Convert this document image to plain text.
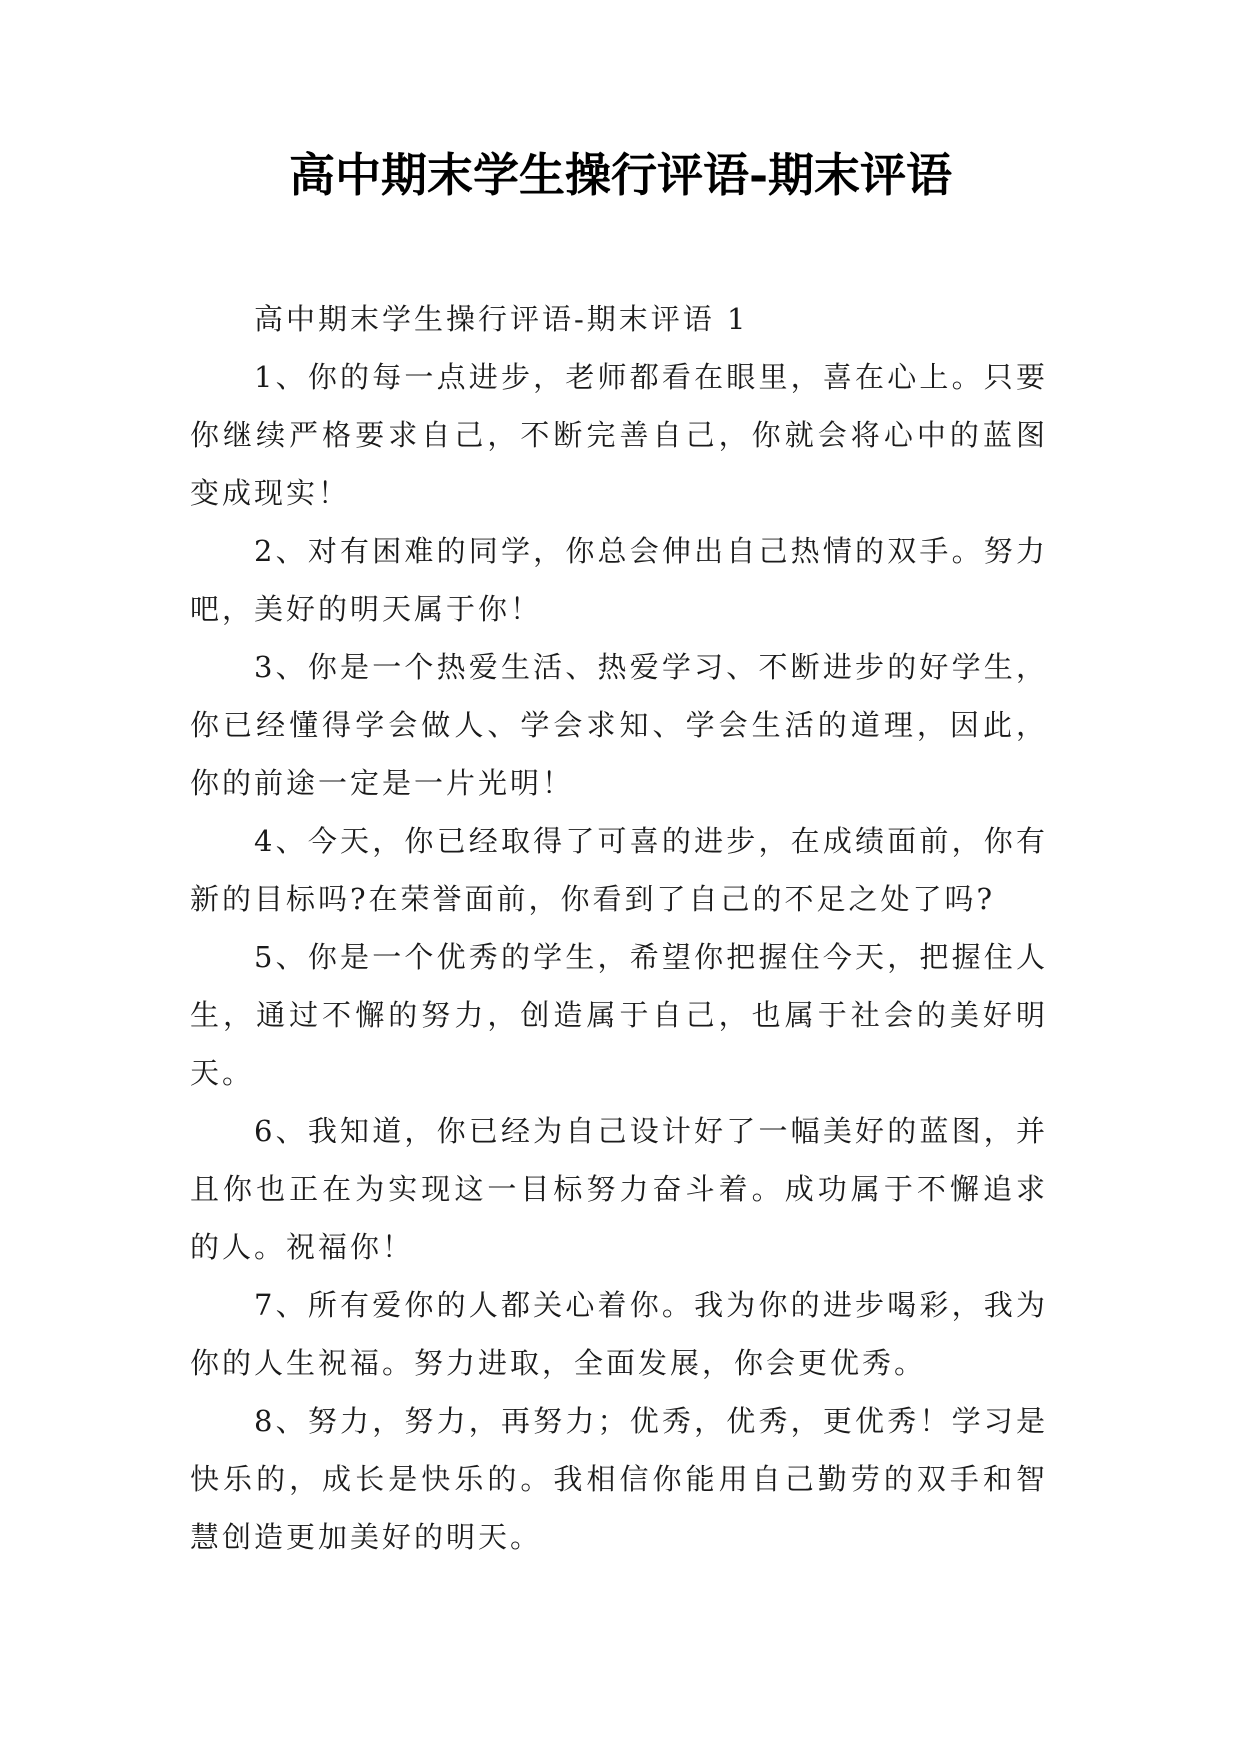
高中期末学生操行评语-期末评语

高中期末学生操行评语-期末评语 1

1、你的每一点进步，老师都看在眼里，喜在心上。只要你继续严格要求自己，不断完善自己，你就会将心中的蓝图变成现实！

2、对有困难的同学，你总会伸出自己热情的双手。努力吧，美好的明天属于你！

3、你是一个热爱生活、热爱学习、不断进步的好学生，你已经懂得学会做人、学会求知、学会生活的道理，因此，你的前途一定是一片光明！

4、今天，你已经取得了可喜的进步，在成绩面前，你有新的目标吗?在荣誉面前，你看到了自己的不足之处了吗?

5、你是一个优秀的学生，希望你把握住今天，把握住人生，通过不懈的努力，创造属于自己，也属于社会的美好明天。

6、我知道，你已经为自己设计好了一幅美好的蓝图，并且你也正在为实现这一目标努力奋斗着。成功属于不懈追求的人。祝福你！

7、所有爱你的人都关心着你。我为你的进步喝彩，我为你的人生祝福。努力进取，全面发展，你会更优秀。

8、努力，努力，再努力；优秀，优秀，更优秀！学习是快乐的，成长是快乐的。我相信你能用自己勤劳的双手和智慧创造更加美好的明天。
